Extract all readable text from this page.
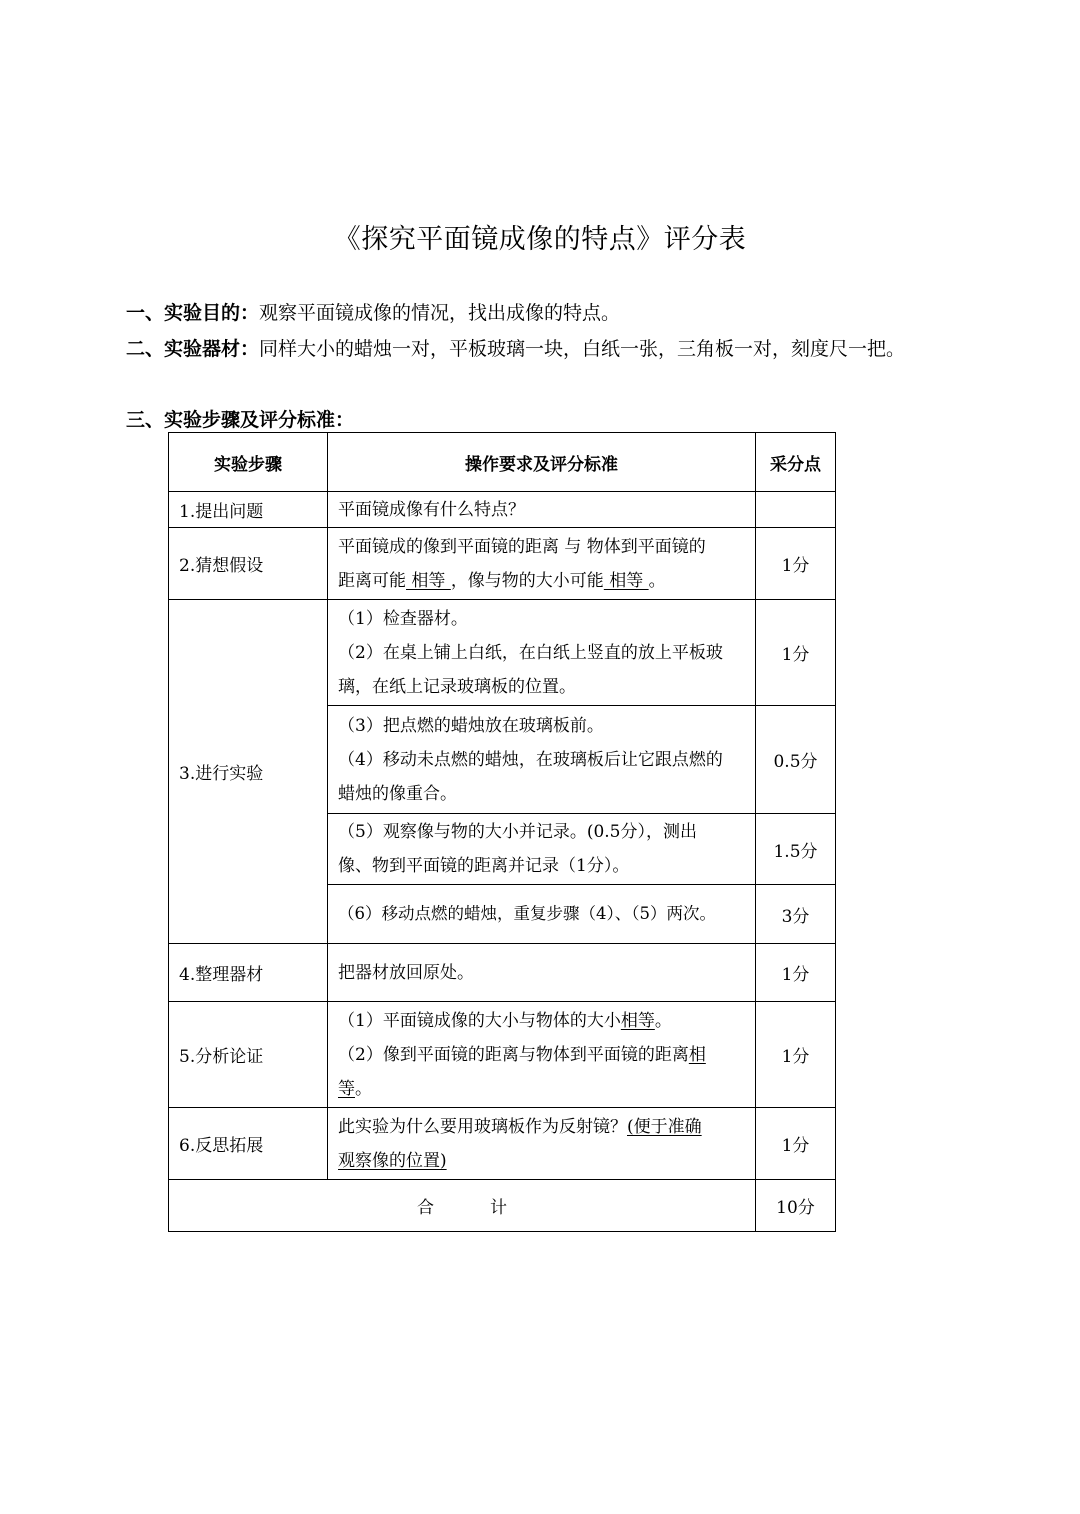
《探究平面镜成像的特点》评分表
一、实验目的：观察平面镜成像的情况，找出成像的特点。
二、实验器材：同样大小的蜡烛一对，平板玻璃一块，白纸一张，三角板一对，刻度尺一把。
三、实验步骤及评分标准：
实验步骤	操作要求及评分标准	采分点
1.提出问题	平面镜成像有什么特点？	
2.猜想假设	平面镜成的像到平面镜的距离 与 物体到平面镜的
距离可能 相等 ，像与物的大小可能 相等 。	1分
3.进行实验	（1）检查器材。
（2）在桌上铺上白纸，在白纸上竖直的放上平板玻
璃，在纸上记录玻璃板的位置。	1分

	（3）把点燃的蜡烛放在玻璃板前。
（4）移动未点燃的蜡烛，在玻璃板后让它跟点燃的
蜡烛的像重合。	0.5分

	（5）观察像与物的大小并记录。(0.5分），测出
像、物到平面镜的距离并记录（1分）。	1.5分
	（6）移动点燃的蜡烛，重复步骤（4）、（5）两次。	3分
4.整理器材	把器材放回原处。	1分
5.分析论证	（1）平面镜成像的大小与物体的大小相等。
（2）像到平面镜的距离与物体到平面镜的距离相
等。	1分
6.反思拓展	此实验为什么要用玻璃板作为反射镜？(便于准确
观察像的位置)	1分
合 计		10分
